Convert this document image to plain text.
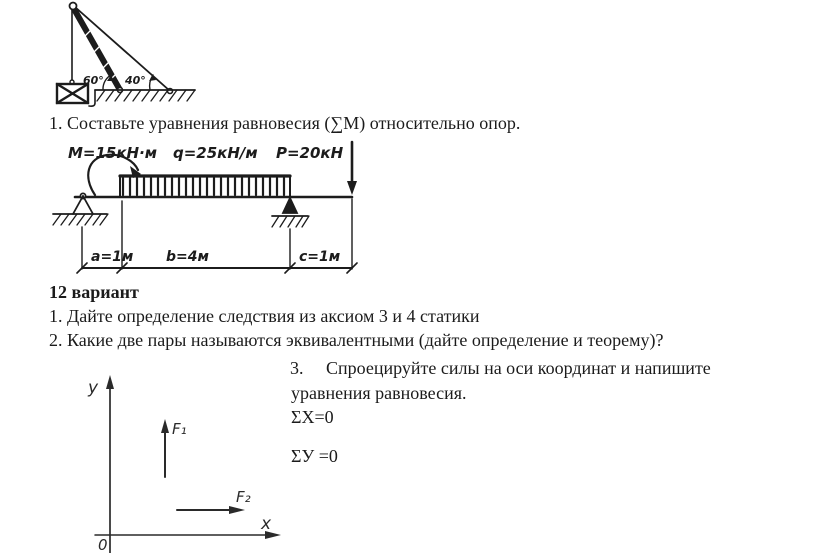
60° 40°
1. Составьте уравнения равновесия (∑М) относительно опор.
М=15кН·м q=25кН/м Р=20кН
а=1м b=4м	с=1м
12 вариант
1. Дайте определение следствия из аксиом 3 и 4 статики
2. Какие две пары называются эквивалентными (дайте определение и теорему)?
3.     Спроецируйте силы на оси координат и напишите
уравнения равновесия.
ΣХ=0
ΣУ =0
y
x
0
F₁
F₂
